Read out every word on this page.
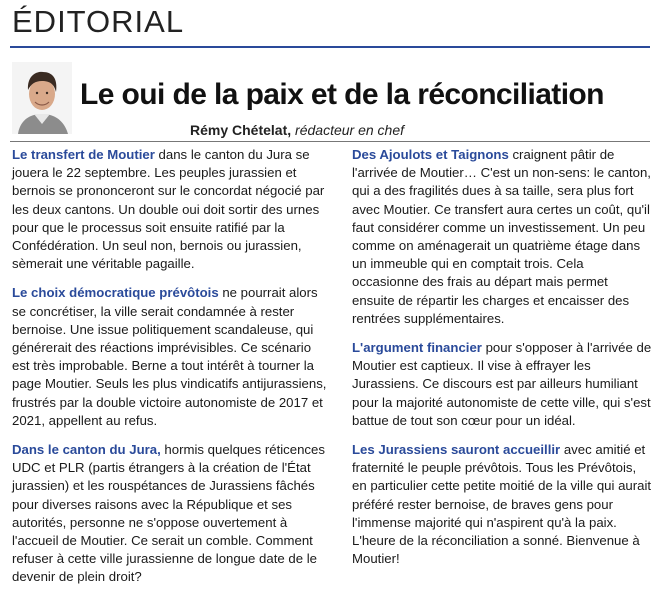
ÉDITORIAL
Le oui de la paix et de la réconciliation
Rémy Chételat, rédacteur en chef

Le transfert de Moutier dans le canton du Jura se jouera le 22 septembre. Les peuples jurassien et bernois se prononceront sur le concordat négocié par les deux cantons. Un double oui doit sortir des urnes pour que le processus soit ensuite ratifié par la Confédération. Un seul non, bernois ou jurassien, sèmerait une véritable pagaille.

Le choix démocratique prévôtois ne pourrait alors se concrétiser, la ville serait condamnée à rester bernoise. Une issue politiquement scandaleuse, qui générerait des réactions imprévisibles. Ce scénario est très improbable. Berne a tout intérêt à tourner la page Moutier. Seuls les plus vindicatifs antijurassiens, frustrés par la double victoire autonomiste de 2017 et 2021, appellent au refus.

Dans le canton du Jura, hormis quelques réticences UDC et PLR (partis étrangers à la création de l'État jurassien) et les rouspétances de Jurassiens fâchés pour diverses raisons avec la République et ses autorités, personne ne s'oppose ouvertement à l'accueil de Moutier. Ce serait un comble. Comment refuser à cette ville jurassienne de longue date de le devenir de plein droit?

Des Ajoulots et Taignons craignent pâtir de l'arrivée de Moutier… C'est un non-sens: le canton, qui a des fragilités dues à sa taille, sera plus fort avec Moutier. Ce transfert aura certes un coût, qu'il faut considérer comme un investissement. Un peu comme on aménagerait un quatrième étage dans un immeuble qui en comptait trois. Cela occasionne des frais au départ mais permet ensuite de répartir les charges et encaisser des rentrées supplémentaires.

L'argument financier pour s'opposer à l'arrivée de Moutier est captieux. Il vise à effrayer les Jurassiens. Ce discours est par ailleurs humiliant pour la majorité autonomiste de cette ville, qui s'est battue de tout son cœur pour un idéal.

Les Jurassiens sauront accueillir avec amitié et fraternité le peuple prévôtois. Tous les Prévôtois, en particulier cette petite moitié de la ville qui aurait préféré rester bernoise, de braves gens pour l'immense majorité qui n'aspirent qu'à la paix. L'heure de la réconciliation a sonné. Bienvenue à Moutier!
